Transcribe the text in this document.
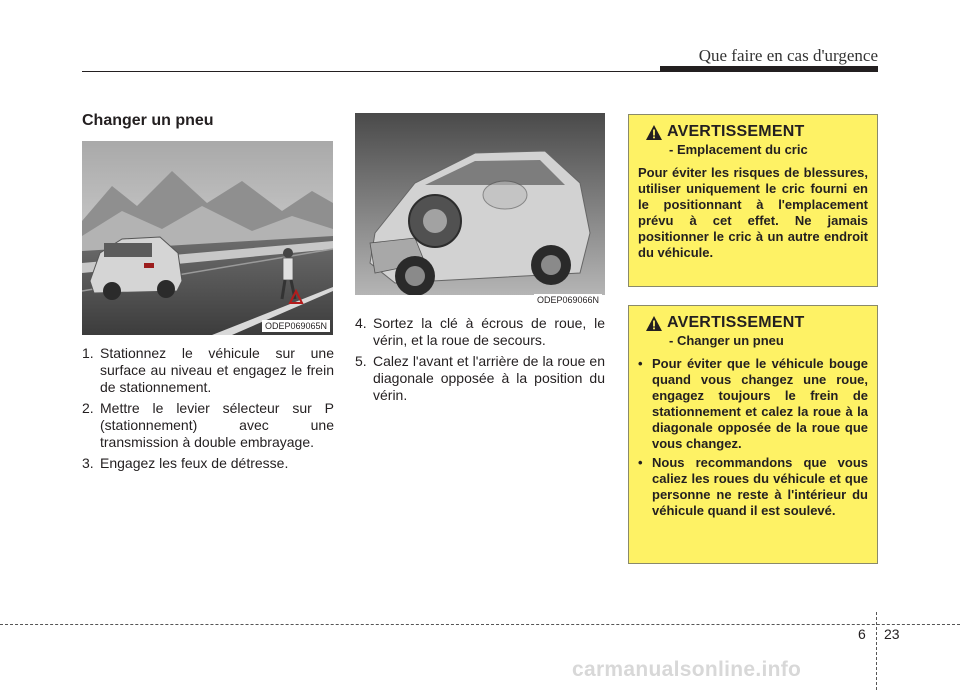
Que faire en cas d'urgence
Changer un pneu
ODEP069065N
ODEP069066N
1. Stationnez le véhicule sur une surface au niveau et engagez le frein de stationnement.
2. Mettre le levier sélecteur sur P (stationnement) avec une transmission à double embrayage.
3. Engagez les feux de détresse.
4. Sortez la clé à écrous de roue, le vérin, et la roue de secours.
5. Calez l'avant et l'arrière de la roue en diagonale opposée à la position du vérin.
AVERTISSEMENT
- Emplacement du cric
Pour éviter les risques de blessures, utiliser uniquement le cric fourni en le positionnant à l'emplacement prévu à cet effet. Ne jamais positionner le cric à un autre endroit du véhicule.
AVERTISSEMENT
- Changer un pneu
• Pour éviter que le véhicule bouge quand vous changez une roue, engagez toujours le frein de stationnement et calez la roue à la diagonale opposée de la roue que vous changez.
• Nous recommandons que vous caliez les roues du véhicule et que personne ne reste à l'intérieur du véhicule quand il est soulevé.
6 23
carmanualsonline.info
